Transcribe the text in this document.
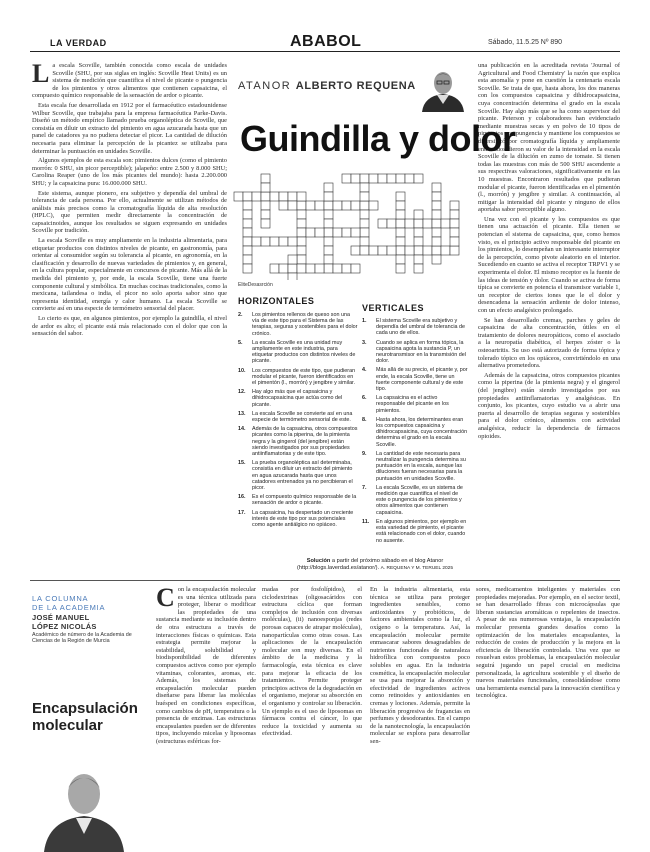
LA VERDAD	ABABOL	Sábado, 11.5.25 Nº 890

La escala Scoville, también conocida como escala de unidades Scoville (SHU, por sus siglas en inglés: Scoville Heat Units) es un sistema de medición que cuantifica el nivel de picante o pungencia de los pimientos y otros alimentos que contienen capsaicina, el compuesto químico responsable de la sensación de ardor o picante.

Esta escala fue desarrollada en 1912 por el farmacéutico estadounidense Wilbur Scoville, que trabajaba para la empresa farmacéutica Parke-Davis. Diseñó un método empírico llamado prueba organoléptica de Scoville, que consistía en diluir un extracto del pimiento en agua azucarada hasta que un panel de catadores ya no pudiera detectar el picor. La cantidad de dilución necesaria para eliminar la percepción de la picantez se utilizaba para determinar la puntuación en unidades Scoville.

Algunos ejemplos de esta escala son: pimientos dulces (como el pimiento morrón: 0 SHU, sin picor perceptible); jalapeño: entre 2.500 y 8.000 SHU; Carolina Reaper (uno de los más picantes del mundo): hasta 2.200.000 SHU; y la capsaicina pura: 16.000.000 SHU.

Este sistema, aunque pionero, era subjetivo y dependía del umbral de tolerancia de cada persona. Por ello, actualmente se utilizan métodos de análisis más precisos como la cromatografía líquida de alta resolución (HPLC), que permiten medir directamente la concentración de capsaicinoides, aunque los resultados se siguen expresando en unidades Scoville por tradición.

La escala Scoville es muy ampliamente en la industria alimentaria, para etiquetar productos con distintos niveles de picante, en gastronomía, para orientar al consumidor según su tolerancia al picante, en agronomía, en la clasificación y desarrollo de nuevas variedades de pimientos y, en general, en la cultura popular, especialmente en concursos de picante. Más allá de la medida del pimiento y, por ende, la escala Scoville, tiene una fuerte componente cultural y simbólica. En muchas cocinas tradicionales, como la mexicana, tailandesa o india, el picor no solo aporta sabor sino que representa identidad, energía y calor humano. La escala Scoville se convierte así en una especie de termómetro sensorial del placer.

Lo cierto es que, en algunos pimientos, por ejemplo la guindilla, el nivel de ardor es alto; el picante está más relacionado con el dolor que con la sensación del sabor.

una publicación en la acreditada revista 'Journal of Agricultural and Food Chemistry' la razón que explica esta anomalía y pone en cuestión la centenaria escala Scoville. Se trata de que, hasta ahora, los dos maneras con los compuestos capsaicina y dihidrocapsaicina, cuya concentración determina el grado en la escala Scoville. Hay algo más que se ha como supervisor del picante. Peterson y colaboradores han evidenciado mediante muestras secas y en polvo de 10 tipos de pimientos con pungencia y mantiene los compuestos se diversificó por cromatografía líquida y ampliamente entrenados dieron su valor de la intensidad en la escala Scoville de la dilución en zumo de tomate. Si tienen todas las muestras con más de 500 SHU ascendente a sus respectivas valoraciones, significativamente en las 10 muestras. Encontraron resultados que pudieran modular el picante, fueron identificadas en el pimentón (l., morrón) y jengibre y similar. A continuación, al mitigar la intensidad del picante y ninguno de ellos aportaba sabor perceptible alguno.

Una vez con el picante y los compuestos es que tienen una actuación el picante. Ella tienen se potencian el sistema de capsaicina, que, como hemos visto, es el principio activo responsable del picante en los pimientos, lo desempeñan un interesante interruptor de la percepción, como pivote aleatorio en el interior. Sucediendo en cuanto se activa el receptor TRPV1 y se experimenta el dolor. El mismo receptor es la fuente de las ideas de tensión y dolor. Cuando se activa de forma típica se convierte en potencia el transmisor variable 1, un receptor de ciertos iones que le el dolor y desencadena la sensación ardiente de dolor intenso, con un efecto analgésico prolongado.

Se han desarrollado cremas, parches y geles de capsaicina de alta concentración, útiles en el tratamiento de dolores neuropáticos, como el asociado a la neuropatía diabética, el herpes zóster o la osteoartritis. Su uso está autorizado de forma tópica y tolerado tópico en los opiáceos, convirtiéndolo en una alternativa prometedora.

Además de la capsaicina, otros compuestos picantes como la piperina (de la pimienta negra) y el gingerol (del jengibre) están siendo investigados por sus propiedades antiinflamatorias y analgésicas. En conjunto, los picantes, cuyo estudio va a abrir una puerta al desarrollo de terapias seguras y sostenibles para el dolor crónico, alimentos con actividad analgésica, reducir la dependencia de fármacos opioides.

ATANOR ALBERTO REQUENA
Guindilla y dolor
EliteDesasrción
HORIZONTALES
2.	Los pimientos rellenos de queso son una vía de este tipo para el Sistema de las terapias, seguras y sostenibles para el dolor crónico.
5.	La escala Scoville es una unidad muy ampliamente en este industria, para etiquetar productos con distintos niveles de picante.
10.	Los compuestos de este tipo, que pudieran modular el picante, fueron identificados en el pimentón (l., morrón) y jengibre y similar.
12.	Hay algo más que el capsaicina y dihidrocapsaicina que actúa como del picante.
13.	La escala Scoville se convierte así en una especie de termómetro sensorial de este.
14.	Además de la capsaicina, otros compuestos picantes como la piperina, de la pimienta negra y la gingerol (del jengibre) están siendo investigados por sus propiedades antiinflamatorias y de este tipo.
15.	La prueba organoléptica así determinaba, consistía en diluir un extracto del pimiento en agua azucarada hasta que unos catadores entrenados ya no percibieran el picor.
16.	Es el compuesto químico responsable de la sensación de ardor o picante.
17.	La capsaicina, ha despertado un creciente interés de este tipo por sus potenciales como agente antiálgico no opiáceo.
VERTICALES
1.	El sistema Scoville era subjetivo y dependía del umbral de tolerancia de cada uno de ellos.
3.	Cuando se aplica en forma tópica, la capsaicina agota la sustancia P, un neurotransmisor en la transmisión del dolor.
4.	Más allá de su precio, el picante y, por ende, la escala Scoville, tiene un fuerte componente cultural y de este tipo.
6.	La capsaicina es el activo responsable del picante en los pimientos.
8.	Hasta ahora, los determinantes eran los compuestos capsaicina y dihidrocapsaicina, cuya concentración determina el grado en la escala Scoville.
9.	La cantidad de este necesaria para neutralizar la pungencia determina su puntuación en la escala, aunque las diluciones fueran necesarias para la puntuación en unidades Scoville.
7.	La escala Scoville, es un sistema de medición que cuantifica el nivel de este o pungencia de los pimientos y otros alimentos que contienen capsaicina.
11.	En algunos pimientos, por ejemplo en esta variedad de pimiento, el picante está relacionado con el dolor, cuando no ausente.
Solución a partir del próximo sábado en el blog Atanor (http://blogs.laverdad.es/atanor/). A. REQUENA Y M. TERUEL 2025
LA COLUMNA
DE LA ACADEMIA
JOSÉ MANUEL
LÓPEZ NICOLÁS
Académico de número de la Academia de Ciencias de la Región de Murcia
Encapsulación molecular

Con la encapsulación molecular es una técnica utilizada para proteger, liberar o modificar las propiedades de una sustancia mediante su inclusión dentro de otra estructura a través de interacciones físicas o químicas. Esta estrategia permite mejorar la estabilidad, solubilidad y biodisponibilidad de diferentes compuestos activos como por ejemplo vitaminas, colorantes, aromas, etc. Además, los sistemas de encapsulación molecular pueden diseñarse para liberar las moléculas huésped en condiciones específicas, como cambios de pH, temperatura o la presencia de enzimas. Las estructuras encapsulantes pueden ser de diferentes tipos, incluyendo micelas y liposomas (estructuras esféricas for-

madas por fosfolípidos), el ciclodextrinas (oligosacáridos con estructura cíclica que forman complejos de inclusión con diversas moléculas), (ii) nanoesponjas (redes porosas capaces de atrapar moléculas), nanopartículas como otras cosas. Las aplicaciones de la encapsulación molecular son muy diversas. En el ámbito de la medicina y la farmacología, esta técnica es clave para mejorar la eficacia de los tratamientos. Permite proteger principios activos de la degradación en el organismo, mejorar su absorción en el organismo y controlar su liberación. Un ejemplo es el uso de liposomas en fármacos contra el cáncer, lo que reduce la toxicidad y aumenta su efectividad.

En la industria alimentaria, esta técnica se utiliza para proteger ingredientes sensibles, como antioxidantes y probióticos, de factores ambientales como la luz, el oxígeno o la temperatura. Así, la encapsulación molecular permite enmascarar sabores desagradables de nutrientes funcionales de naturaleza hidrofílica con compuestos poco solubles en agua. En la industria cosmética, la encapsulación molecular se usa para mejorar la absorción y efectividad de ingredientes activos como retinoides y antioxidantes en cremas y lociones. Además, permite la liberación progresiva de fragancias en perfumes y desodorantes. En el campo de la nanotecnología, la encapsulación molecular se explora para desarrollar sen-

sores, medicamentos inteligentes y materiales con propiedades mejoradas. Por ejemplo, en el sector textil, se han desarrollado fibras con microcápsulas que liberan sustancias aromáticas o repelentes de insectos. A pesar de sus numerosas ventajas, la encapsulación molecular presenta grandes desafíos como la optimización de los materiales encapsulantes, la reducción de costes de producción y la mejora en la eficiencia de liberación controlada. Una vez que se resuelvan estos problemas, la encapsulación molecular seguirá jugando un papel crucial en medicina personalizada, la agricultura sostenible y el diseño de nuevos materiales funcionales, consolidándose como una herramienta esencial para la innovación científica y tecnológica.
